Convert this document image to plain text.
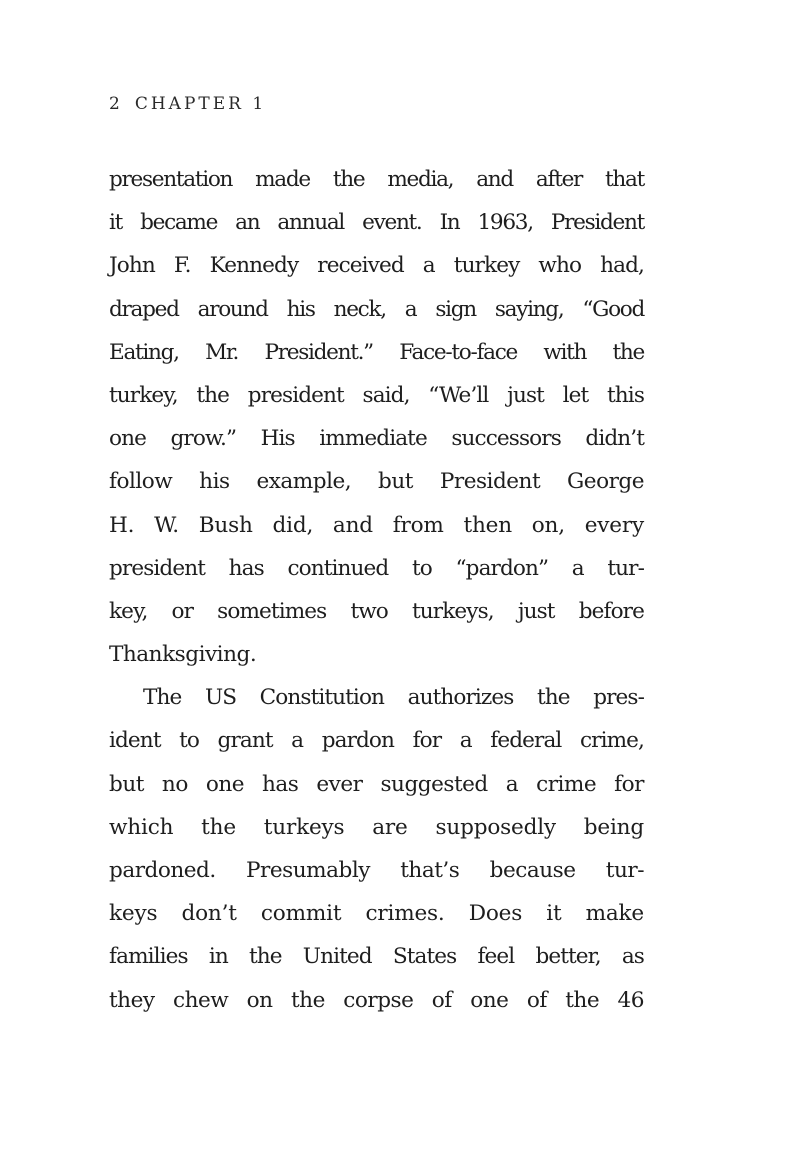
2 CHAPTER 1
presentation made the media, and after that
it became an annual event. In 1963, President
John F. Kennedy received a turkey who had,
draped around his neck, a sign saying, “Good
Eating, Mr. President.” Face-to-face with the
turkey, the president said, “We’ll just let this
one grow.” His immediate successors didn’t
follow his example, but President George
H. W. Bush did, and from then on, every
president has continued to “pardon” a tur-
key, or sometimes two turkeys, just before
Thanksgiving.
The US Constitution authorizes the pres-
ident to grant a pardon for a federal crime,
but no one has ever suggested a crime for
which the turkeys are supposedly being
pardoned. Presumably that’s because tur-
keys don’t commit crimes. Does it make
families in the United States feel better, as
they chew on the corpse of one of the 46
